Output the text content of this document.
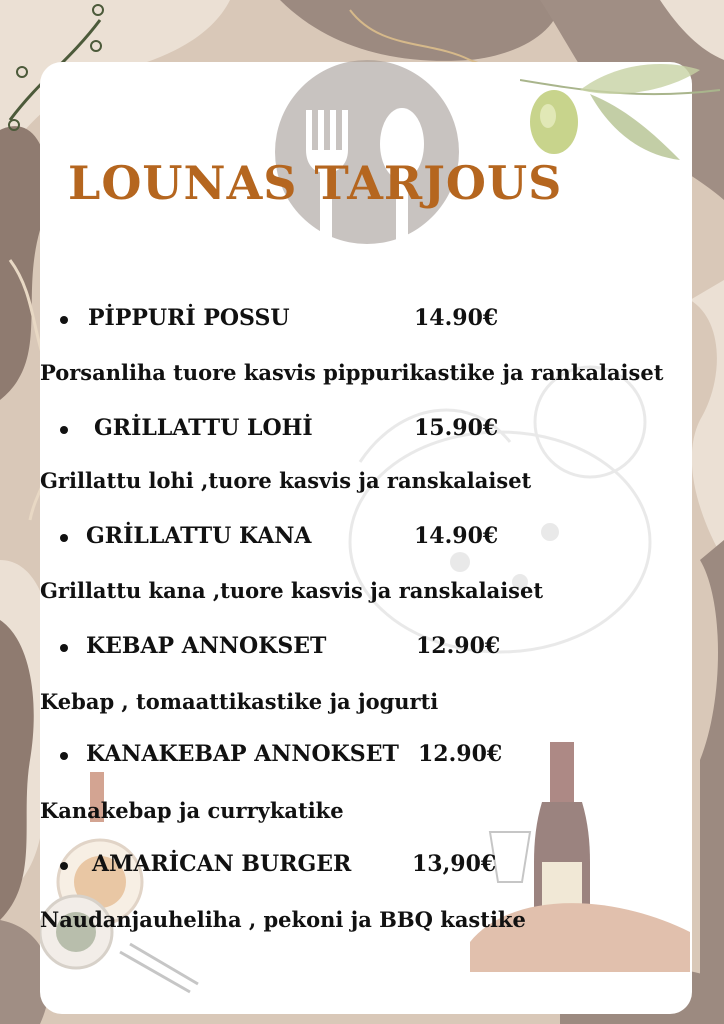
LOUNAS TARJOUS
PİPPURİ POSSU	14.90€
Porsanliha tuore kasvis pippurikastike ja rankalaiset
GRİLLATTU LOHİ	15.90€
Grillattu lohi ,tuore kasvis ja ranskalaiset
GRİLLATTU KANA	14.90€
Grillattu kana ,tuore kasvis ja ranskalaiset
KEBAP ANNOKSET	12.90€
Kebap , tomaattikastike ja jogurti
KANAKEBAP ANNOKSET 12.90€
Kanakebap ja currykatike
AMARİCAN BURGER	13,90€
Naudanjauheliha , pekoni ja BBQ kastike
